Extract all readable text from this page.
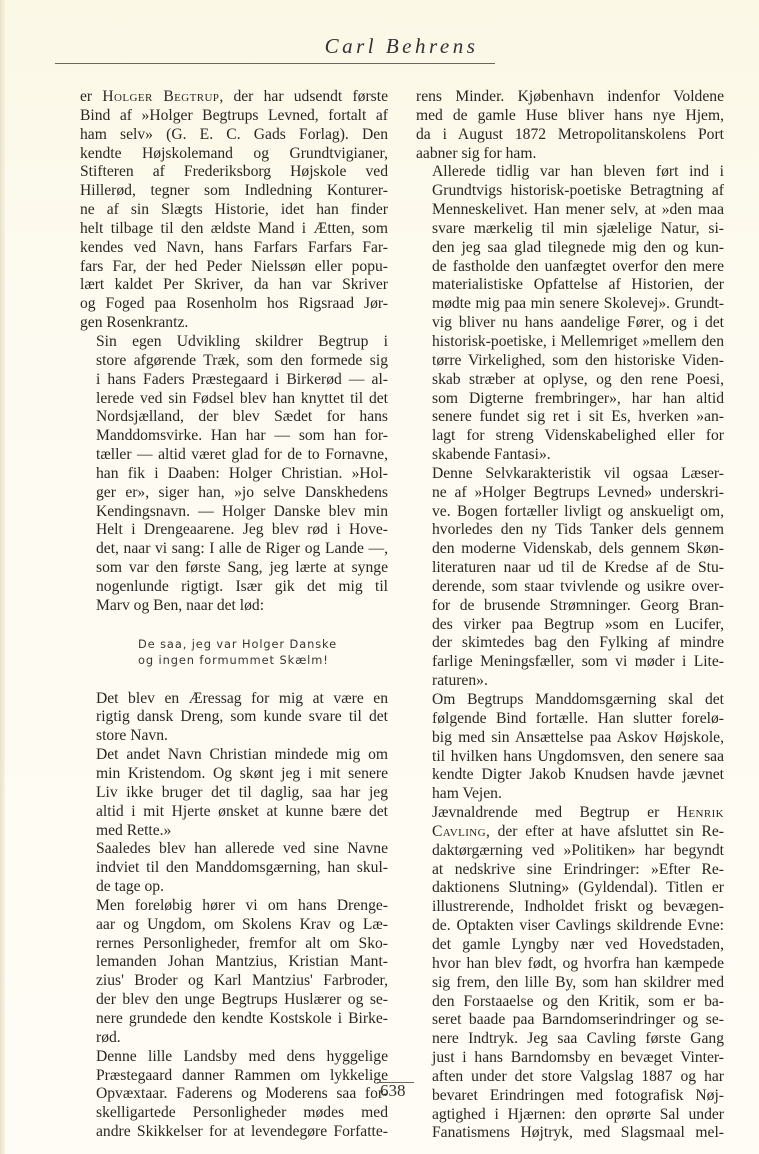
Carl Behrens

er Holger Begtrup, der har udsendt første
Bind af »Holger Begtrups Levned, fortalt af
ham selv» (G. E. C. Gads Forlag). Den
kendte Højskolemand og Grundtvigianer,
Stifteren af Frederiksborg Højskole ved
Hillerød, tegner som Indledning Konturer-
ne af sin Slægts Historie, idet han finder
helt tilbage til den ældste Mand i Ætten, som
kendes ved Navn, hans Farfars Farfars Far-
fars Far, der hed Peder Nielssøn eller popu-
lært kaldet Per Skriver, da han var Skriver
og Foged paa Rosenholm hos Rigsraad Jør-
gen Rosenkrantz.

Sin egen Udvikling skildrer Begtrup i
store afgørende Træk, som den formede sig
i hans Faders Præstegaard i Birkerød — al-
lerede ved sin Fødsel blev han knyttet til det
Nordsjælland, der blev Sædet for hans
Manddomsvirke. Han har — som han for-
tæller — altid været glad for de to Fornavne,
han fik i Daaben: Holger Christian. »Hol-
ger er», siger han, »jo selve Danskhedens
Kendingsnavn. — Holger Danske blev min
Helt i Drengeaarene. Jeg blev rød i Hove-
det, naar vi sang: I alle de Riger og Lande —,
som var den første Sang, jeg lærte at synge
nogenlunde rigtigt. Især gik det mig til
Marv og Ben, naar det lød:

De saa, jeg var Holger Danske
og ingen formummet Skælm!

Det blev en Æressag for mig at være en
rigtig dansk Dreng, som kunde svare til det
store Navn.

Det andet Navn Christian mindede mig om
min Kristendom. Og skønt jeg i mit senere
Liv ikke bruger det til daglig, saa har jeg
altid i mit Hjerte ønsket at kunne bære det
med Rette.»

Saaledes blev han allerede ved sine Navne
indviet til den Manddomsgærning, han skul-
de tage op.

Men foreløbig hører vi om hans Drenge-
aar og Ungdom, om Skolens Krav og Læ-
rernes Personligheder, fremfor alt om Sko-
lemanden Johan Mantzius, Kristian Mant-
zius' Broder og Karl Mantzius' Farbroder,
der blev den unge Begtrups Huslærer og se-
nere grundede den kendte Kostskole i Birke-
rød.

Denne lille Landsby med dens hyggelige
Præstegaard danner Rammen om lykkelige
Opvæxtaar. Faderens og Moderens saa for-
skelligartede Personligheder mødes med
andre Skikkelser for at levendegøre Forfatte-

rens Minder. Kjøbenhavn indenfor Voldene
med de gamle Huse bliver hans nye Hjem,
da i August 1872 Metropolitanskolens Port
aabner sig for ham.

Allerede tidlig var han bleven ført ind i
Grundtvigs historisk-poetiske Betragtning af
Menneskelivet. Han mener selv, at »den maa
svare mærkelig til min sjælelige Natur, si-
den jeg saa glad tilegnede mig den og kun-
de fastholde den uanfægtet overfor den mere
materialistiske Opfattelse af Historien, der
mødte mig paa min senere Skolevej». Grundt-
vig bliver nu hans aandelige Fører, og i det
historisk-poetiske, i Mellemriget »mellem den
tørre Virkelighed, som den historiske Viden-
skab stræber at oplyse, og den rene Poesi,
som Digterne frembringer», har han altid
senere fundet sig ret i sit Es, hverken »an-
lagt for streng Videnskabelighed eller for
skabende Fantasi».

Denne Selvkarakteristik vil ogsaa Læser-
ne af »Holger Begtrups Levned» underskri-
ve. Bogen fortæller livligt og anskueligt om,
hvorledes den ny Tids Tanker dels gennem
den moderne Videnskab, dels gennem Skøn-
literaturen naar ud til de Kredse af de Stu-
derende, som staar tvivlende og usikre over-
for de brusende Strømninger. Georg Bran-
des virker paa Begtrup »som en Lucifer,
der skimtedes bag den Fylking af mindre
farlige Meningsfæller, som vi møder i Lite-
raturen».

Om Begtrups Manddomsgærning skal det
følgende Bind fortælle. Han slutter forelø-
big med sin Ansættelse paa Askov Højskole,
til hvilken hans Ungdomsven, den senere saa
kendte Digter Jakob Knudsen havde jævnet
ham Vejen.

Jævnaldrende med Begtrup er Henrik
Cavling, der efter at have afsluttet sin Re-
daktørgærning ved »Politiken» har begyndt
at nedskrive sine Erindringer: »Efter Re-
daktionens Slutning» (Gyldendal). Titlen er
illustrerende, Indholdet friskt og bevægen-
de. Optakten viser Cavlings skildrende Evne:
det gamle Lyngby nær ved Hovedstaden,
hvor han blev født, og hvorfra han kæmpede
sig frem, den lille By, som han skildrer med
den Forstaaelse og den Kritik, som er ba-
seret baade paa Barndomserindringer og se-
nere Indtryk. Jeg saa Cavling første Gang
just i hans Barndomsby en bevæget Vinter-
aften under det store Valgslag 1887 og har
bevaret Erindringen med fotografisk Nøj-
agtighed i Hjærnen: den oprørte Sal under
Fanatismens Højtryk, med Slagsmaal mel-

638
